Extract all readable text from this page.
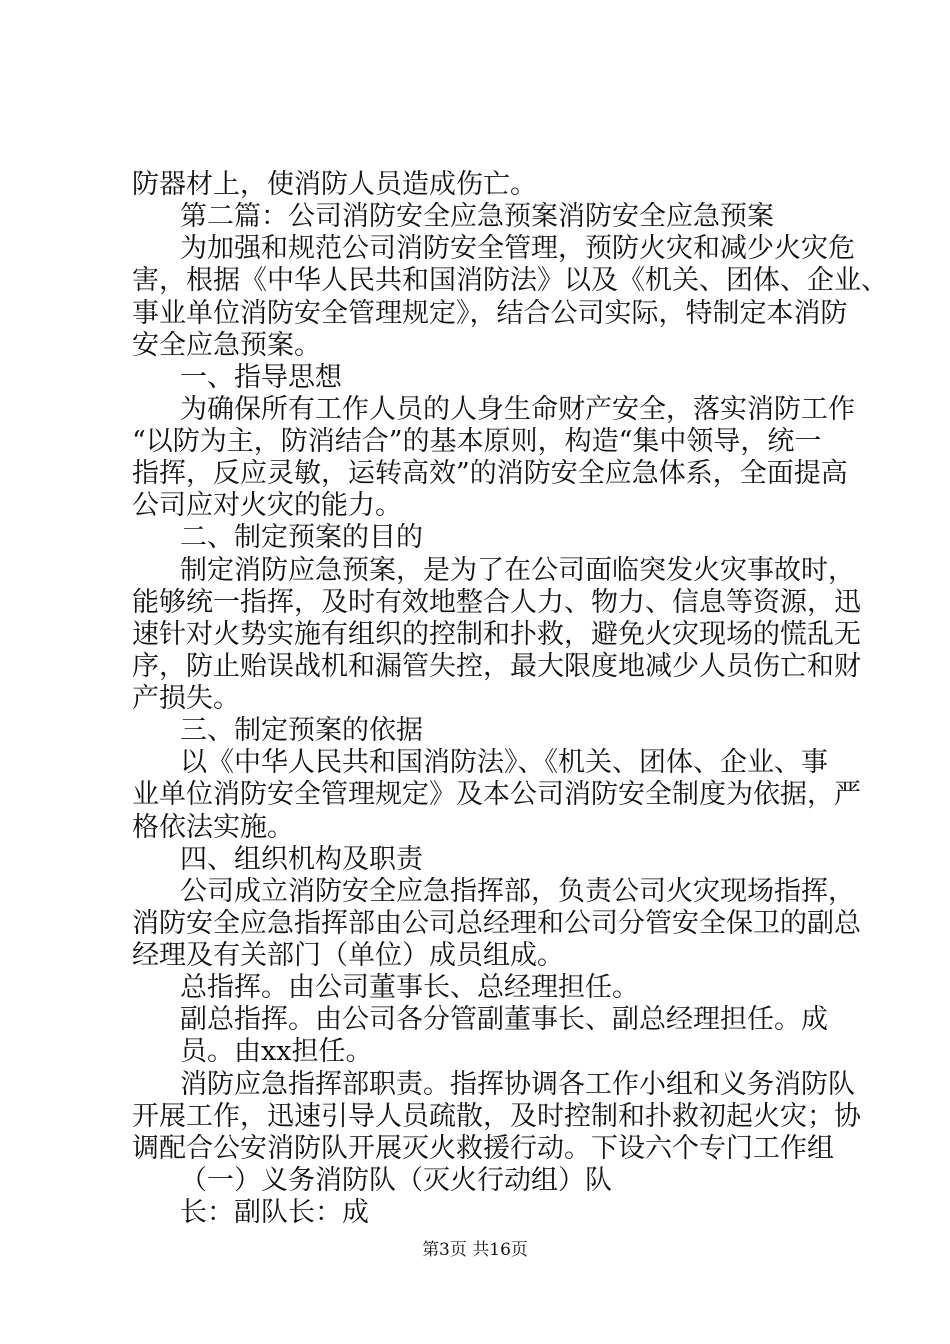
防器材上，使消防人员造成伤亡。
第二篇：公司消防安全应急预案消防安全应急预案
为加强和规范公司消防安全管理，预防火灾和减少火灾危
害，根据《中华人民共和国消防法》以及《机关、团体、企业、
事业单位消防安全管理规定》，结合公司实际，特制定本消防
安全应急预案。
一、指导思想
为确保所有工作人员的人身生命财产安全，落实消防工作
“以防为主，防消结合”的基本原则，构造“集中领导，统一
指挥，反应灵敏，运转高效”的消防安全应急体系，全面提高
公司应对火灾的能力。
二、制定预案的目的
制定消防应急预案，是为了在公司面临突发火灾事故时，
能够统一指挥，及时有效地整合人力、物力、信息等资源，迅
速针对火势实施有组织的控制和扑救，避免火灾现场的慌乱无
序，防止贻误战机和漏管失控，最大限度地减少人员伤亡和财
产损失。
三、制定预案的依据
以《中华人民共和国消防法》、《机关、团体、企业、事
业单位消防安全管理规定》及本公司消防安全制度为依据，严
格依法实施。
四、组织机构及职责
公司成立消防安全应急指挥部，负责公司火灾现场指挥，
消防安全应急指挥部由公司总经理和公司分管安全保卫的副总
经理及有关部门（单位）成员组成。
总指挥。由公司董事长、总经理担任。
副总指挥。由公司各分管副董事长、副总经理担任。成
员。由xx担任。
消防应急指挥部职责。指挥协调各工作小组和义务消防队
开展工作，迅速引导人员疏散，及时控制和扑救初起火灾；协
调配合公安消防队开展灭火救援行动。下设六个专门工作组
（一）义务消防队（灭火行动组）队
长：副队长：成
第3页 共16页
